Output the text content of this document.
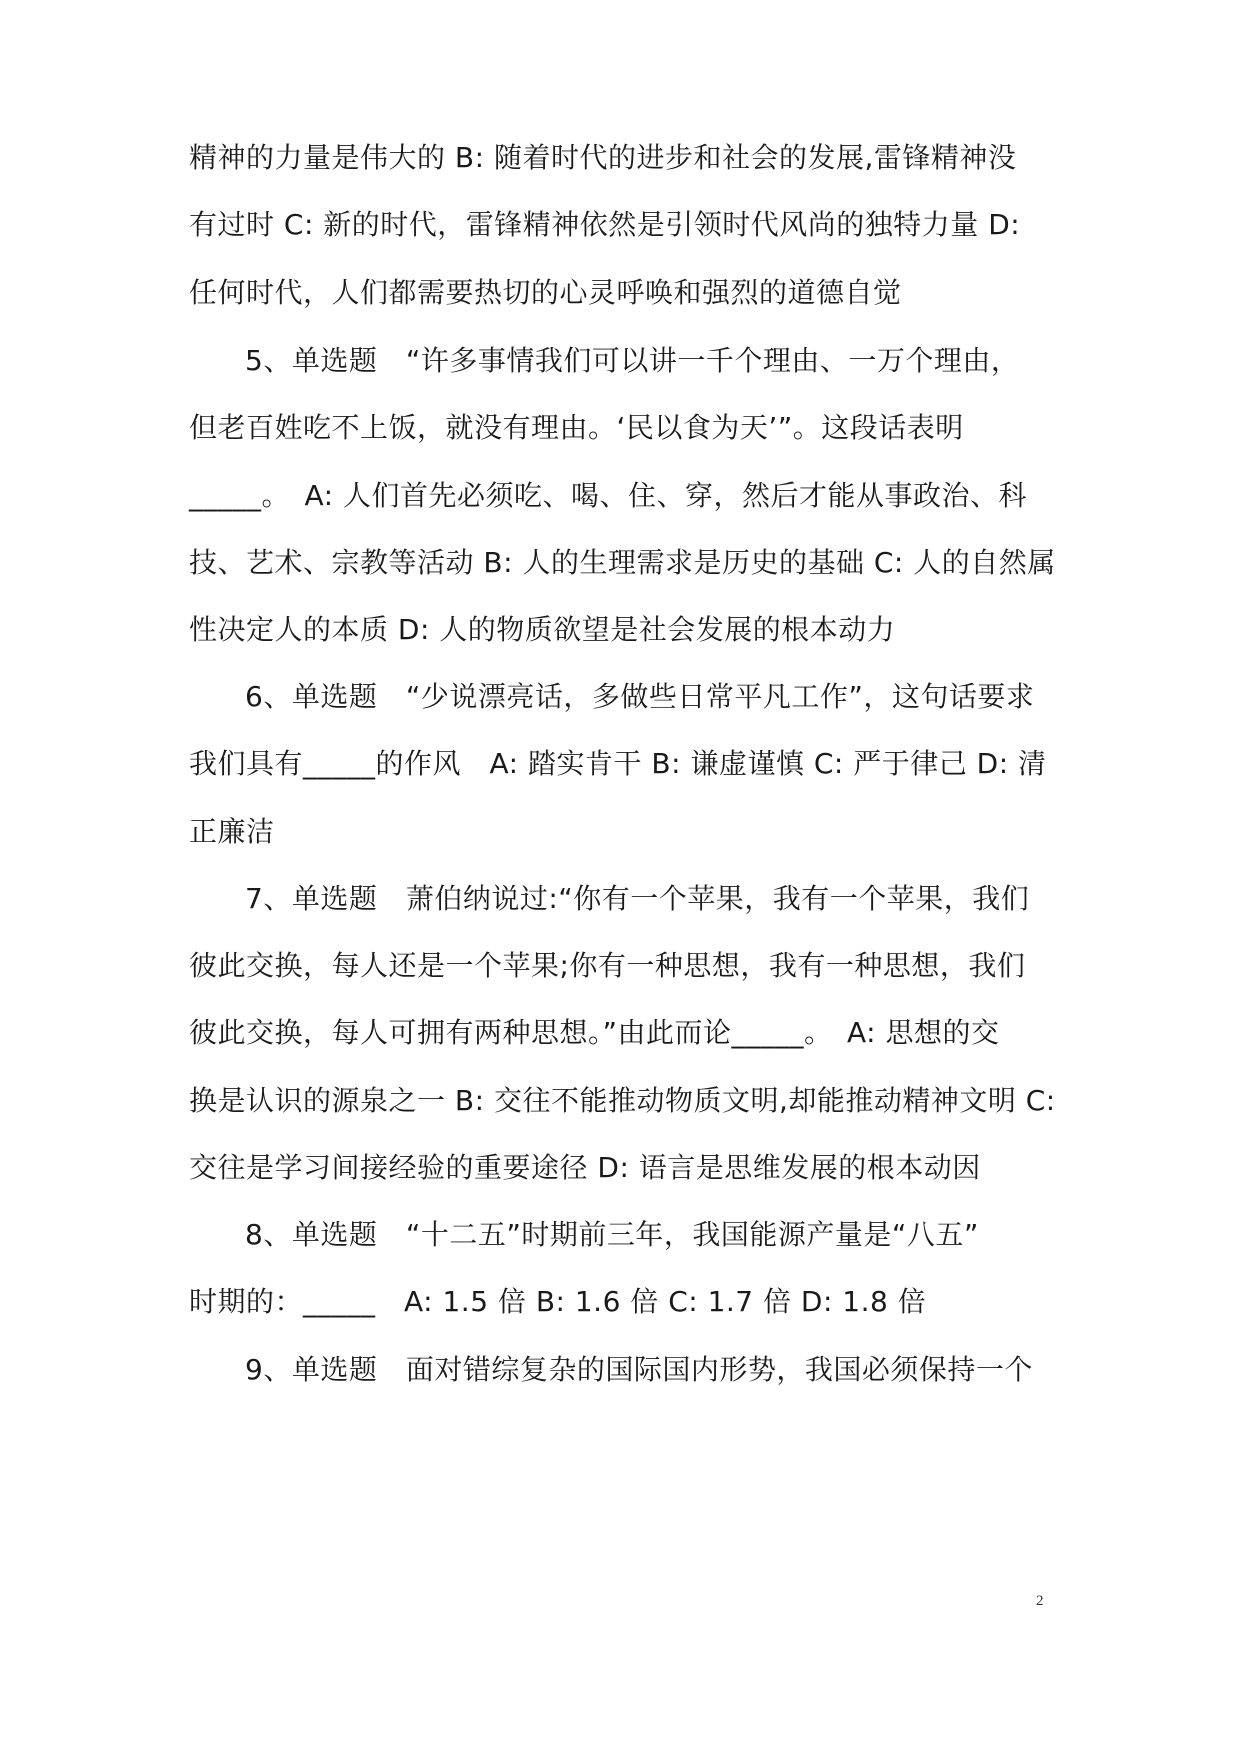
精神的力量是伟大的 B: 随着时代的进步和社会的发展,雷锋精神没
有过时 C: 新的时代，雷锋精神依然是引领时代风尚的独特力量 D:
任何时代，人们都需要热切的心灵呼唤和强烈的道德自觉
5、单选题　“许多事情我们可以讲一千个理由、一万个理由，
但老百姓吃不上饭，就没有理由。‘民以食为天’”。这段话表明
_____。　A: 人们首先必须吃、喝、住、穿，然后才能从事政治、科
技、艺术、宗教等活动 B: 人的生理需求是历史的基础 C: 人的自然属
性决定人的本质 D: 人的物质欲望是社会发展的根本动力
6、单选题　“少说漂亮话，多做些日常平凡工作”，这句话要求
我们具有_____的作风　A: 踏实肯干 B: 谦虚谨慎 C: 严于律己 D: 清
正廉洁
7、单选题　萧伯纳说过:“你有一个苹果，我有一个苹果，我们
彼此交换，每人还是一个苹果;你有一种思想，我有一种思想，我们
彼此交换，每人可拥有两种思想。”由此而论_____。　A: 思想的交
换是认识的源泉之一 B: 交往不能推动物质文明,却能推动精神文明 C:
交往是学习间接经验的重要途径 D: 语言是思维发展的根本动因
8、单选题　“十二五”时期前三年，我国能源产量是“八五”
时期的：_____　A: 1.5 倍 B: 1.6 倍 C: 1.7 倍 D: 1.8 倍
9、单选题　面对错综复杂的国际国内形势，我国必须保持一个
2
